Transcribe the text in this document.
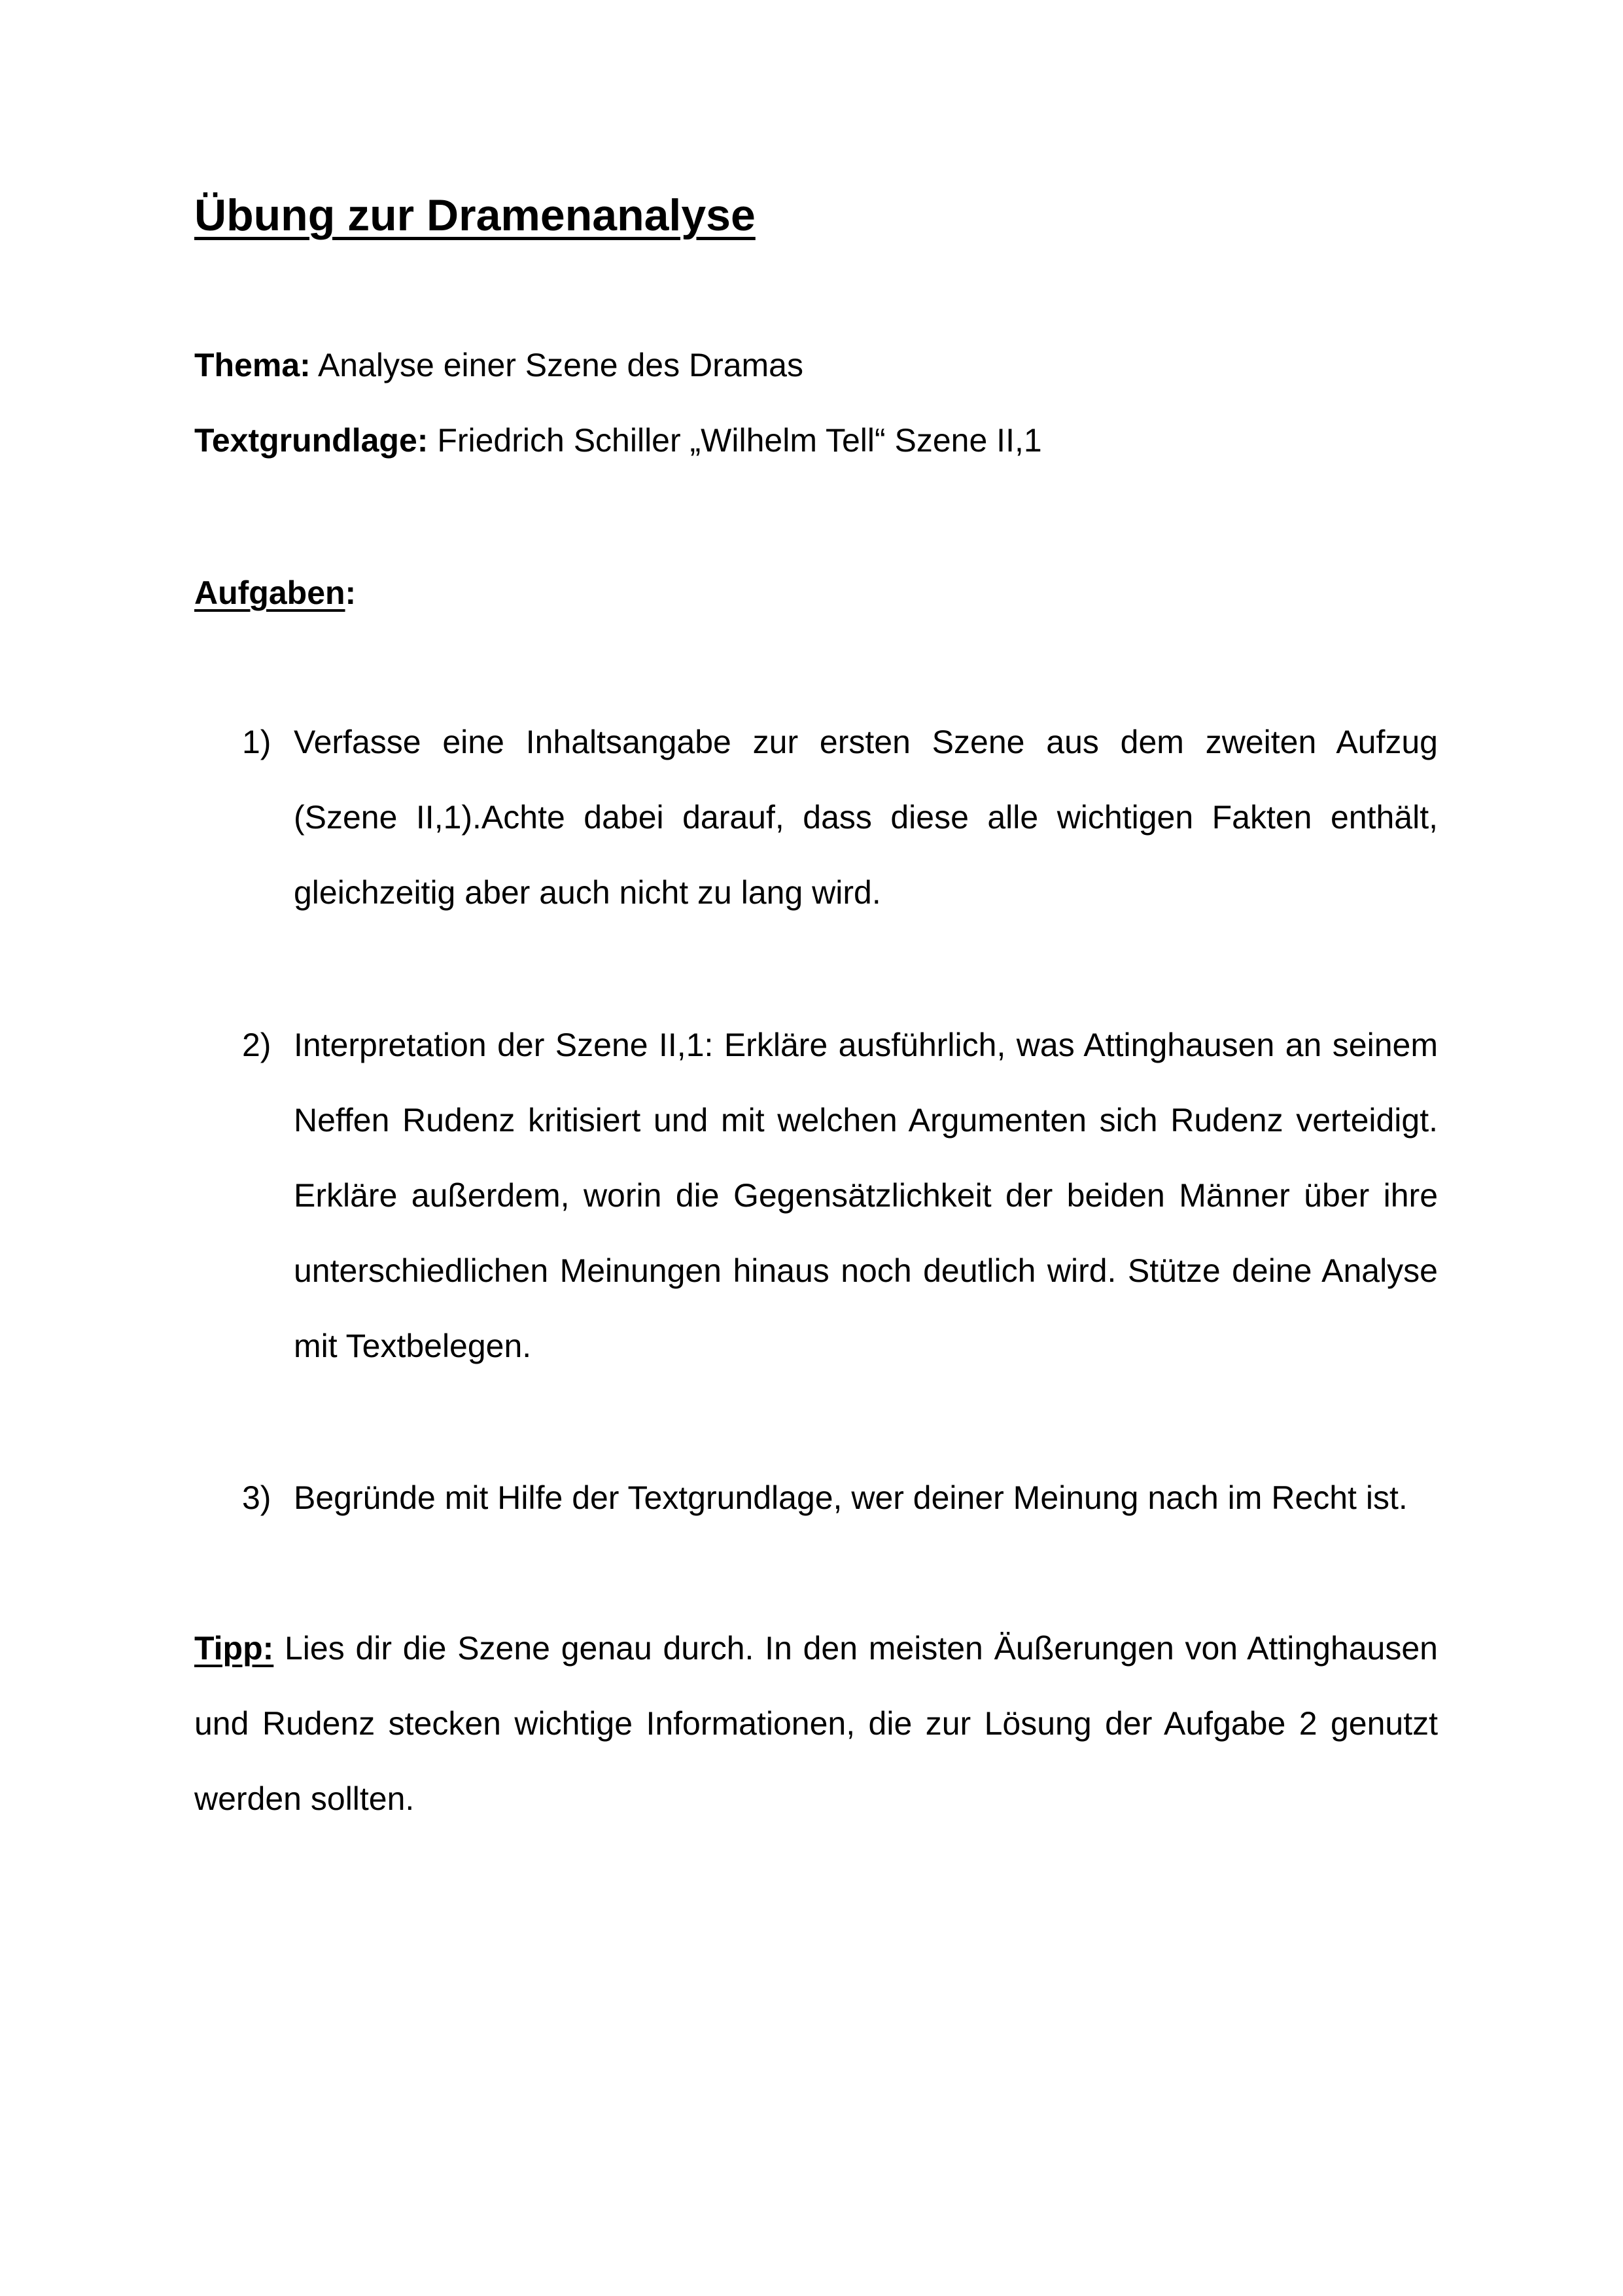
Übung zur Dramenanalyse
Thema: Analyse einer Szene des Dramas
Textgrundlage: Friedrich Schiller „Wilhelm Tell“ Szene II,1
Aufgaben:
1) Verfasse eine Inhaltsangabe zur ersten Szene aus dem zweiten Aufzug (Szene II,1).Achte dabei darauf, dass diese alle wichtigen Fakten enthält, gleichzeitig aber auch nicht zu lang wird.
2) Interpretation der Szene II,1: Erkläre ausführlich, was Attinghausen an seinem Neffen Rudenz kritisiert und mit welchen Argumenten sich Rudenz verteidigt. Erkläre außerdem, worin die Gegensätzlichkeit der beiden Männer über ihre unterschiedlichen Meinungen hinaus noch deutlich wird. Stütze deine Analyse mit Textbelegen.
3) Begründe mit Hilfe der Textgrundlage, wer deiner Meinung nach im Recht ist.
Tipp: Lies dir die Szene genau durch. In den meisten Äußerungen von Attinghausen und Rudenz stecken wichtige Informationen, die zur Lösung der Aufgabe 2 genutzt werden sollten.
